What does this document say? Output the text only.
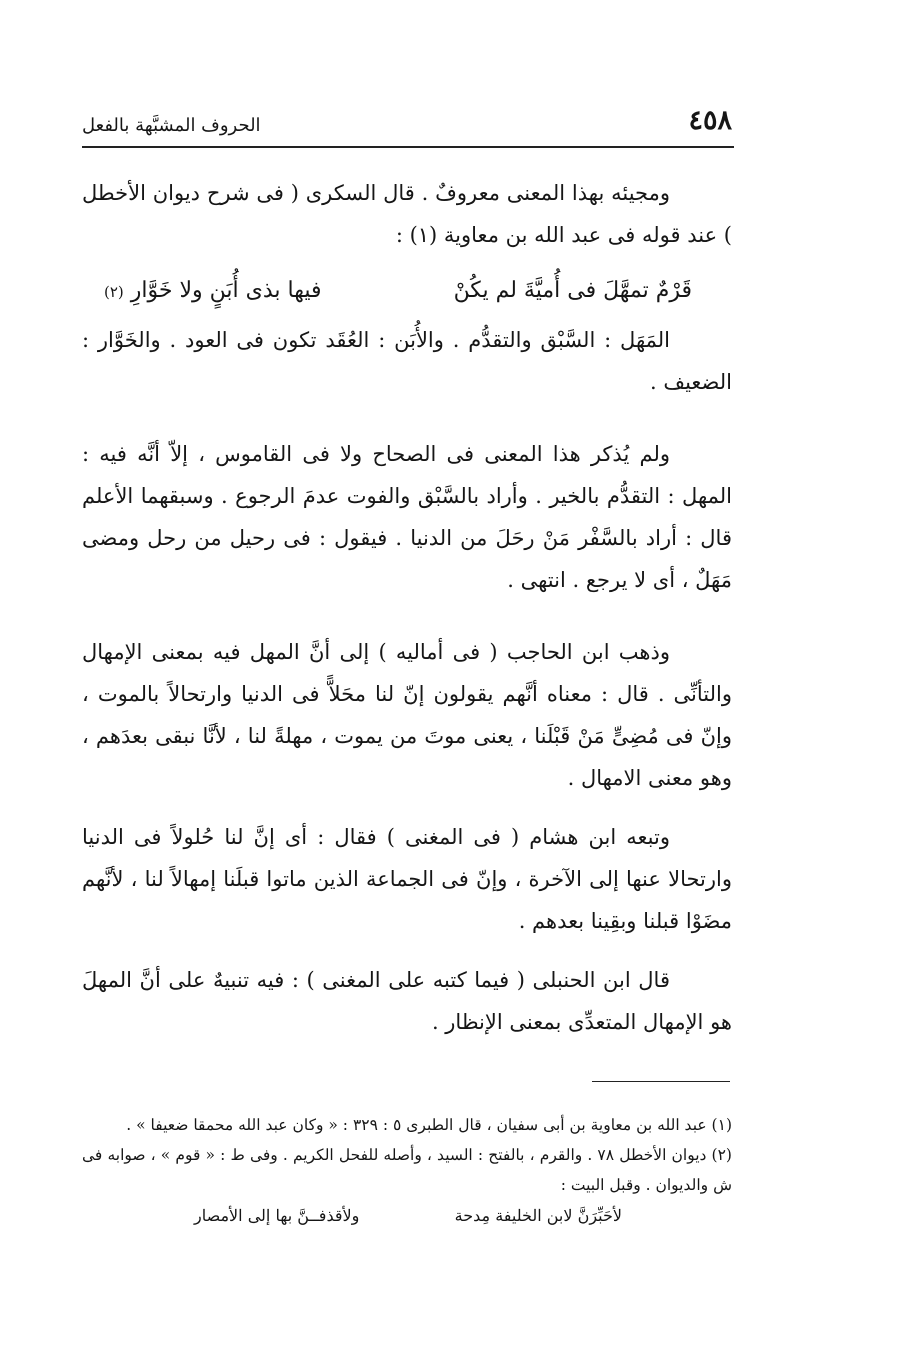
٤٥٨
الحروف المشبَّهة بالفعل

ومجيئه بهذا المعنى معروفٌ . قال السكرى ( فى شرح ديوان الأخطل ) عند قوله فى عبد الله بن معاوية (١) :

قَرْمٌ تمهَّلَ فى أُميَّةَ لم يكُنْ
فيها بذى أُبَنٍ ولا خَوَّارِ (٢)

المَهَل : السَّبْق والتقدُّم . والأُبَن : العُقَد تكون فى العود . والخَوَّار : الضعيف .

ولم يُذكر هذا المعنى فى الصحاح ولا فى القاموس ، إلاّ أنَّه فيه : المهل : التقدُّم بالخير . وأراد بالسَّبْق والفوت عدمَ الرجوع . وسبقهما الأعلم قال : أراد بالسَّفْر مَنْ رحَلَ من الدنيا . فيقول : فى رحيل من رحل ومضى مَهَلٌ ، أى لا يرجع . انتهى .

وذهب ابن الحاجب ( فى أماليه ) إلى أنَّ المهل فيه بمعنى الإمهال والتأنِّى . قال : معناه أنَّهم يقولون إنّ لنا محَلاًّ فى الدنيا وارتحالاً بالموت ، وإنّ فى مُضِىٍّ مَنْ قَبْلَنا ، يعنى موتَ من يموت ، مهلةً لنا ، لأنَّا نبقى بعدَهم ، وهو معنى الامهال .

وتبعه ابن هشام ( فى المغنى ) فقال : أى إنَّ لنا حُلولاً فى الدنيا وارتحالا عنها إلى الآخرة ، وإنّ فى الجماعة الذين ماتوا قبلَنا إمهالاً لنا ، لأنَّهم مضَوْا قبلنا وبقِينا بعدهم .

قال ابن الحنبلى ( فيما كتبه على المغنى ) : فيه تنبيهٌ على أنَّ المهلَ هو الإمهال المتعدِّى بمعنى الإنظار .

(١) عبد الله بن معاوية بن أبى سفيان ، قال الطبرى ٥ : ٣٢٩ : « وكان عبد الله محمقا ضعيفا » .

(٢) ديوان الأخطل ٧٨ . والقرم ، بالفتح : السيد ، وأصله للفحل الكريم . وفى ط : « قوم » ، صوابه فى ش والديوان . وقبل البيت :

لأحَبِّرَنَّ لابن الخليفة مِدحة
ولأقذفــنَّ بها إلى الأمصار
